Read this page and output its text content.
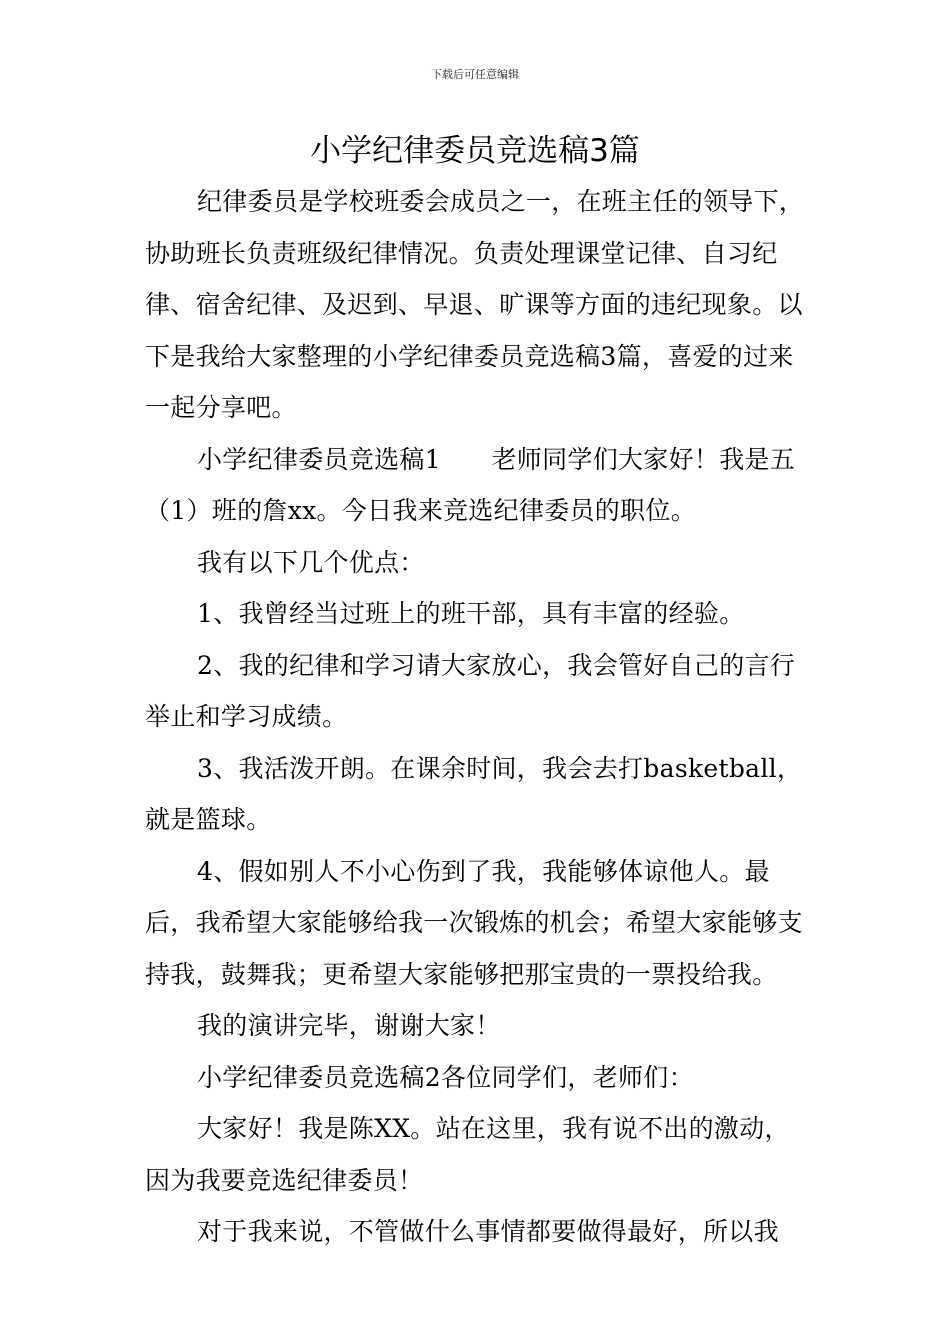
下载后可任意编辑
小学纪律委员竞选稿3篇

纪律委员是学校班委会成员之一，在班主任的领导下，协助班长负责班级纪律情况。负责处理课堂记律、自习纪律、宿舍纪律、及迟到、早退、旷课等方面的违纪现象。以下是我给大家整理的小学纪律委员竞选稿3篇，喜爱的过来一起分享吧。

小学纪律委员竞选稿1　　老师同学们大家好！我是五（1）班的詹xx。今日我来竞选纪律委员的职位。

我有以下几个优点：

1、我曾经当过班上的班干部，具有丰富的经验。

2、我的纪律和学习请大家放心，我会管好自己的言行举止和学习成绩。

3、我活泼开朗。在课余时间，我会去打basketball，就是篮球。

4、假如别人不小心伤到了我，我能够体谅他人。最后，我希望大家能够给我一次锻炼的机会；希望大家能够支持我，鼓舞我；更希望大家能够把那宝贵的一票投给我。

我的演讲完毕，谢谢大家！

小学纪律委员竞选稿2各位同学们，老师们：

大家好！我是陈XX。站在这里，我有说不出的激动，因为我要竞选纪律委员！

对于我来说，不管做什么事情都要做得最好，所以我
